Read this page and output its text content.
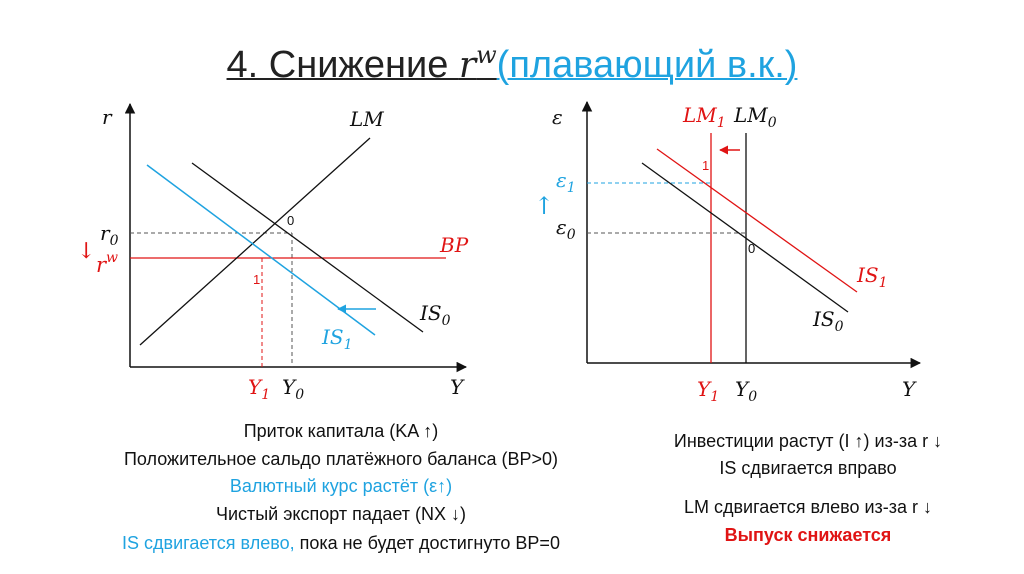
4. Снижение $r^w(плавающий$ в.к.)
r
Y
LM
BP
$IS_0$
$IS_1$
$r_0$
$r^w$
↓
$Y_1$ $Y_0$
0
1
ε
Y
$LM_1$ $LM_0$
$\varepsilon_1$
↑
$\varepsilon_0$
$IS_1$
$IS_0$
$Y_1$ $Y_0$
0
1
Приток капитала (KA ↑)
Положительное сальдо платёжного баланса (BP>0)
Валютный курс растёт (ε↑)
Чистый экспорт падает (NX ↓)
IS сдвигается влево, пока не будет достигнуто BP=0
Инвестиции растут (I ↑) из-за r ↓
IS сдвигается вправо
LM сдвигается влево из-за r ↓
Выпуск снижается
